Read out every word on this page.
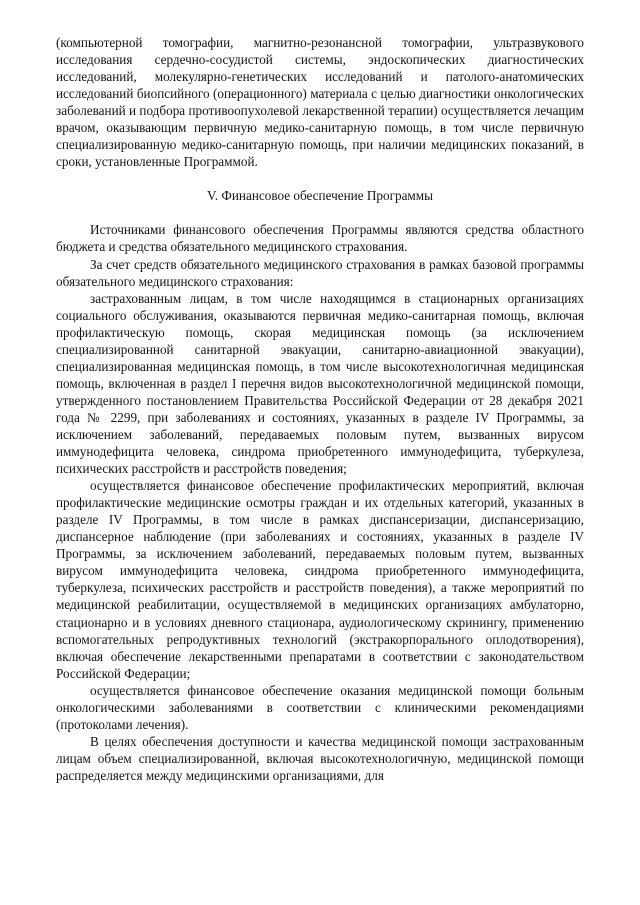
(компьютерной томографии, магнитно-резонансной томографии, ультразвукового исследования сердечно-сосудистой системы, эндоскопических диагностических исследований, молекулярно-генетических исследований и патолого-анатомических исследований биопсийного (операционного) материала с целью диагностики онкологических заболеваний и подбора противоопухолевой лекарственной терапии) осуществляется лечащим врачом, оказывающим первичную медико-санитарную помощь, в том числе первичную специализированную медико-санитарную помощь, при наличии медицинских показаний, в сроки, установленные Программой.

V. Финансовое обеспечение Программы

Источниками финансового обеспечения Программы являются средства областного бюджета и средства обязательного медицинского страхования.

За счет средств обязательного медицинского страхования в рамках базовой программы обязательного медицинского страхования:

застрахованным лицам, в том числе находящимся в стационарных организациях социального обслуживания, оказываются первичная медико-санитарная помощь, включая профилактическую помощь, скорая медицинская помощь (за исключением специализированной санитарной эвакуации, санитарно-авиационной эвакуации), специализированная медицинская помощь, в том числе высокотехнологичная медицинская помощь, включенная в раздел I перечня видов высокотехнологичной медицинской помощи, утвержденного постановлением Правительства Российской Федерации от 28 декабря 2021 года № 2299, при заболеваниях и состояниях, указанных в разделе IV Программы, за исключением заболеваний, передаваемых половым путем, вызванных вирусом иммунодефицита человека, синдрома приобретенного иммунодефицита, туберкулеза, психических расстройств и расстройств поведения;

осуществляется финансовое обеспечение профилактических мероприятий, включая профилактические медицинские осмотры граждан и их отдельных категорий, указанных в разделе IV Программы, в том числе в рамках диспансеризации, диспансеризацию, диспансерное наблюдение (при заболеваниях и состояниях, указанных в разделе IV Программы, за исключением заболеваний, передаваемых половым путем, вызванных вирусом иммунодефицита человека, синдрома приобретенного иммунодефицита, туберкулеза, психических расстройств и расстройств поведения), а также мероприятий по медицинской реабилитации, осуществляемой в медицинских организациях амбулаторно, стационарно и в условиях дневного стационара, аудиологическому скринингу, применению вспомогательных репродуктивных технологий (экстракорпорального оплодотворения), включая обеспечение лекарственными препаратами в соответствии с законодательством Российской Федерации;

осуществляется финансовое обеспечение оказания медицинской помощи больным онкологическими заболеваниями в соответствии с клиническими рекомендациями (протоколами лечения).

В целях обеспечения доступности и качества медицинской помощи застрахованным лицам объем специализированной, включая высокотехнологичную, медицинской помощи распределяется между медицинскими организациями, для
